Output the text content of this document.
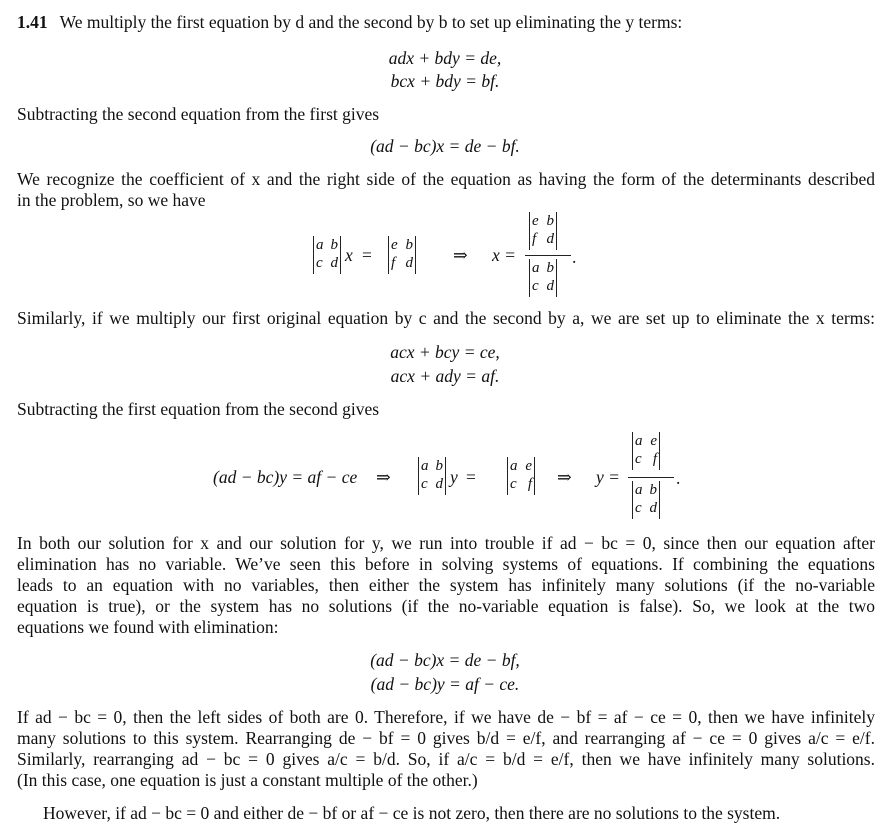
1.41 We multiply the first equation by d and the second by b to set up eliminating the y terms:
adx + bdy = de,
bcx + bdy = bf.
Subtracting the second equation from the first gives
(ad − bc)x = de − bf.
We recognize the coefficient of x and the right side of the equation as having the form of the determinants described
in the problem, so we have
a b
c d x = e b
f d ⇒ x =
e b
f d
a b
c d
.
Similarly, if we multiply our first original equation by c and the second by a, we are set up to eliminate the x terms:
acx + bcy = ce,
acx + ady = af.
Subtracting the first equation from the second gives
(ad − bc)y = af − ce ⇒
a b
c d y =
a e
c f ⇒ y =
a e
c f
a b
c d
.
In both our solution for x and our solution for y, we run into trouble if ad − bc = 0, since then our equation after
elimination has no variable. We’ve seen this before in solving systems of equations. If combining the equations
leads to an equation with no variables, then either the system has infinitely many solutions (if the no-variable
equation is true), or the system has no solutions (if the no-variable equation is false). So, we look at the two
equations we found with elimination:
(ad − bc)x = de − bf,
(ad − bc)y = af − ce.
If ad − bc = 0, then the left sides of both are 0. Therefore, if we have de − bf = af − ce = 0, then we have infinitely
many solutions to this system. Rearranging de − bf = 0 gives b/d = e/f, and rearranging af − ce = 0 gives a/c = e/f.
Similarly, rearranging ad − bc = 0 gives a/c = b/d. So, if a/c = b/d = e/f, then we have infinitely many solutions.
(In this case, one equation is just a constant multiple of the other.)
However, if ad − bc = 0 and either de − bf or af − ce is not zero, then there are no solutions to the system.
